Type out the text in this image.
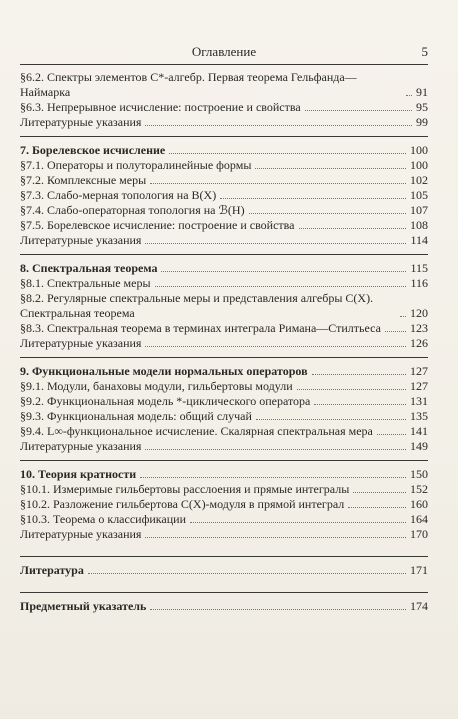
Оглавление	5
§6.2. Спектры элементов C*-алгебр. Первая теорема Гельфанда—Наймарка	91
§6.3. Непрерывное исчисление: построение и свойства	95
Литературные указания	99
7. Борелевское исчисление	100
§7.1. Операторы и полуторалинейные формы	100
§7.2. Комплексные меры	102
§7.3. Слабо-мерная топология на B(X)	105
§7.4. Слабо-операторная топология на ℬ(H)	107
§7.5. Борелевское исчисление: построение и свойства	108
Литературные указания	114
8. Спектральная теорема	115
§8.1. Спектральные меры	116
§8.2. Регулярные спектральные меры и представления алгебры C(X). Спектральная теорема	120
§8.3. Спектральная теорема в терминах интеграла Римана—Стилтьеса 123
Литературные указания	126
9. Функциональные модели нормальных операторов	127
§9.1. Модули, банаховы модули, гильбертовы модули	127
§9.2. Функциональная модель *-циклического оператора	131
§9.3. Функциональная модель: общий случай	135
§9.4. L∞-функциональное исчисление. Скалярная спектральная мера	141
Литературные указания	149
10. Теория кратности	150
§10.1. Измеримые гильбертовы расслоения и прямые интегралы	152
§10.2. Разложение гильбертова C(X)-модуля в прямой интеграл	160
§10.3. Теорема о классификации	164
Литературные указания	170
Литература	171
Предметный указатель	174
